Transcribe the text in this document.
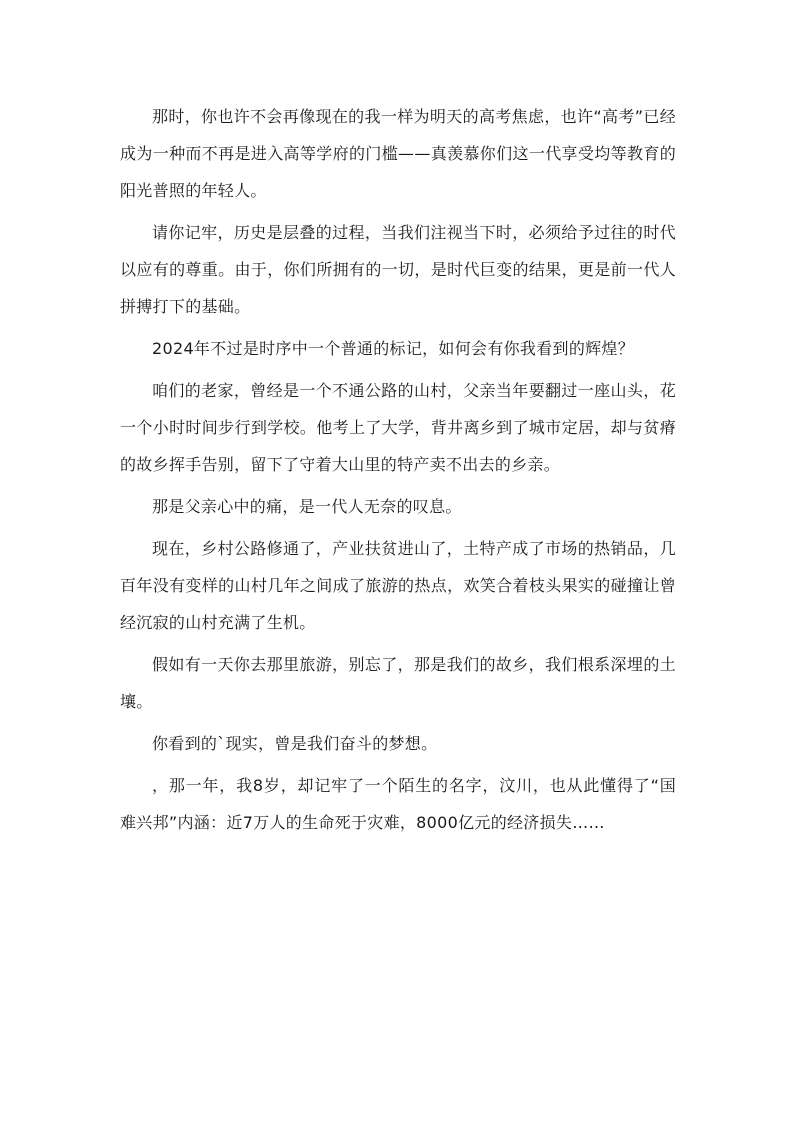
那时，你也许不会再像现在的我一样为明天的高考焦虑，也许“高考”已经成为一种而不再是进入高等学府的门槛——真羡慕你们这一代享受均等教育的阳光普照的年轻人。

请你记牢，历史是层叠的过程，当我们注视当下时，必须给予过往的时代以应有的尊重。由于，你们所拥有的一切，是时代巨变的结果，更是前一代人拼搏打下的基础。

2024年不过是时序中一个普通的标记，如何会有你我看到的辉煌？

咱们的老家，曾经是一个不通公路的山村，父亲当年要翻过一座山头，花一个小时时间步行到学校。他考上了大学，背井离乡到了城市定居，却与贫瘠的故乡挥手告别，留下了守着大山里的特产卖不出去的乡亲。

那是父亲心中的痛，是一代人无奈的叹息。

现在，乡村公路修通了，产业扶贫进山了，土特产成了市场的热销品，几百年没有变样的山村几年之间成了旅游的热点，欢笑合着枝头果实的碰撞让曾经沉寂的山村充满了生机。

假如有一天你去那里旅游，别忘了，那是我们的故乡，我们根系深埋的土壤。

你看到的`现实，曾是我们奋斗的梦想。

，那一年，我8岁，却记牢了一个陌生的名字，汶川，也从此懂得了“国难兴邦”内涵：近7万人的生命死于灾难，8000亿元的经济损失……
